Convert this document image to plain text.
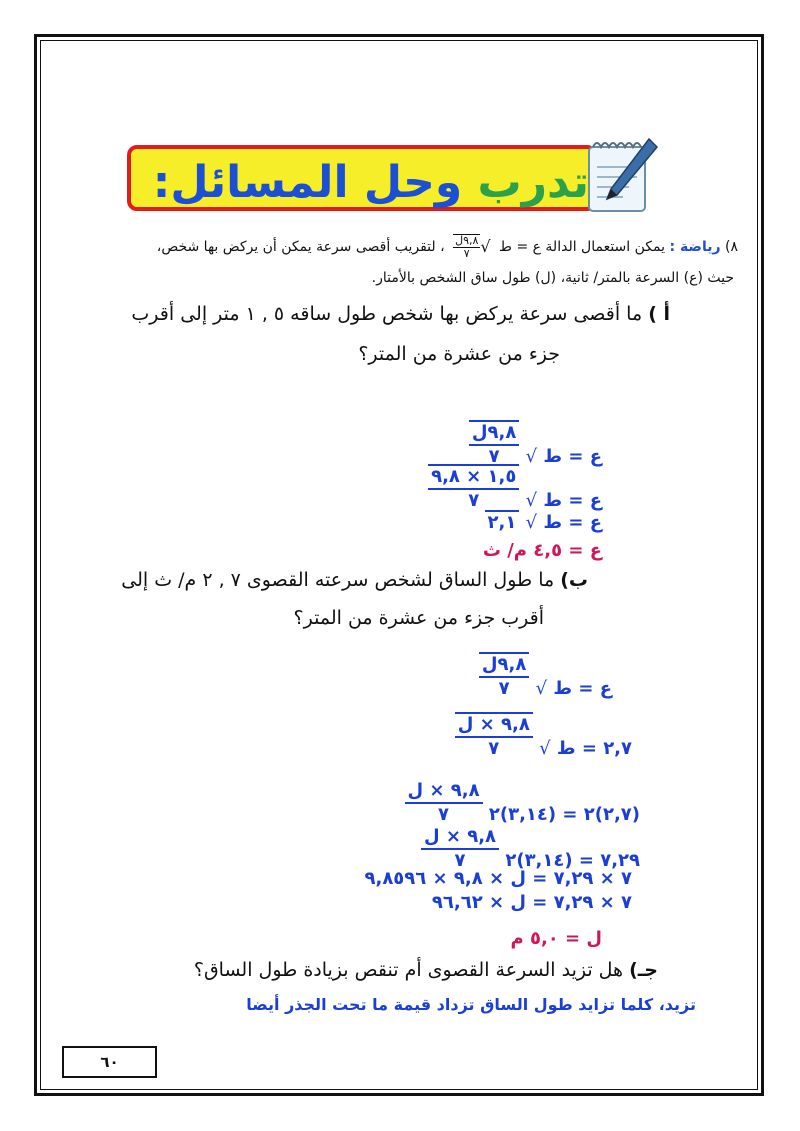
تدرب وحل المسائل:
٨) رياضة : يمكن استعمال الدالة ع = ط
√
$\frac{\text{٩,٨ل}}{٧}$
، لتقريب أقصى سرعة يمكن أن يركض بها شخص،
حيث (ع) السرعة بالمتر/ ثانية، (ل) طول ساق الشخص بالأمتار.
أ ) ما أقصى سرعة يركض بها شخص طول ساقه ٥ , ١ متر إلى أقرب
جزء من عشرة من المتر؟
ع = ط √
$\frac{\text{٩,٨ل}}{٧}$
ع = ط √
$\frac{١,٥ \times ٩,٨}{٧}$
ع = ط √ ٢,١
ع = ٤,٥ م/ ث
ب) ما طول الساق لشخص سرعته القصوى ٧ , ٢ م/ ث إلى
أقرب جزء من عشرة من المتر؟
ع = ط √
$\frac{\text{٩,٨ل}}{٧}$
٢,٧ = ط √
$\frac{\text{٩,٨ × ل}}{٧}$
(٢,٧)٢ = (٣,١٤)٢
$\frac{\text{٩,٨ × ل}}{٧}$
٧,٢٩ = (٣,١٤)٢
$\frac{\text{٩,٨ × ل}}{٧}$
٧ × ٧,٢٩ = ل × ٩,٨ × ٩,٨٥٩٦
٧ × ٧,٢٩ = ل × ٩٦,٦٢
ل = ٥,٠ م
جـ) هل تزيد السرعة القصوى أم تنقص بزيادة طول الساق؟
تزيد، كلما تزايد طول الساق تزداد قيمة ما تحت الجذر أيضا
٦٠
